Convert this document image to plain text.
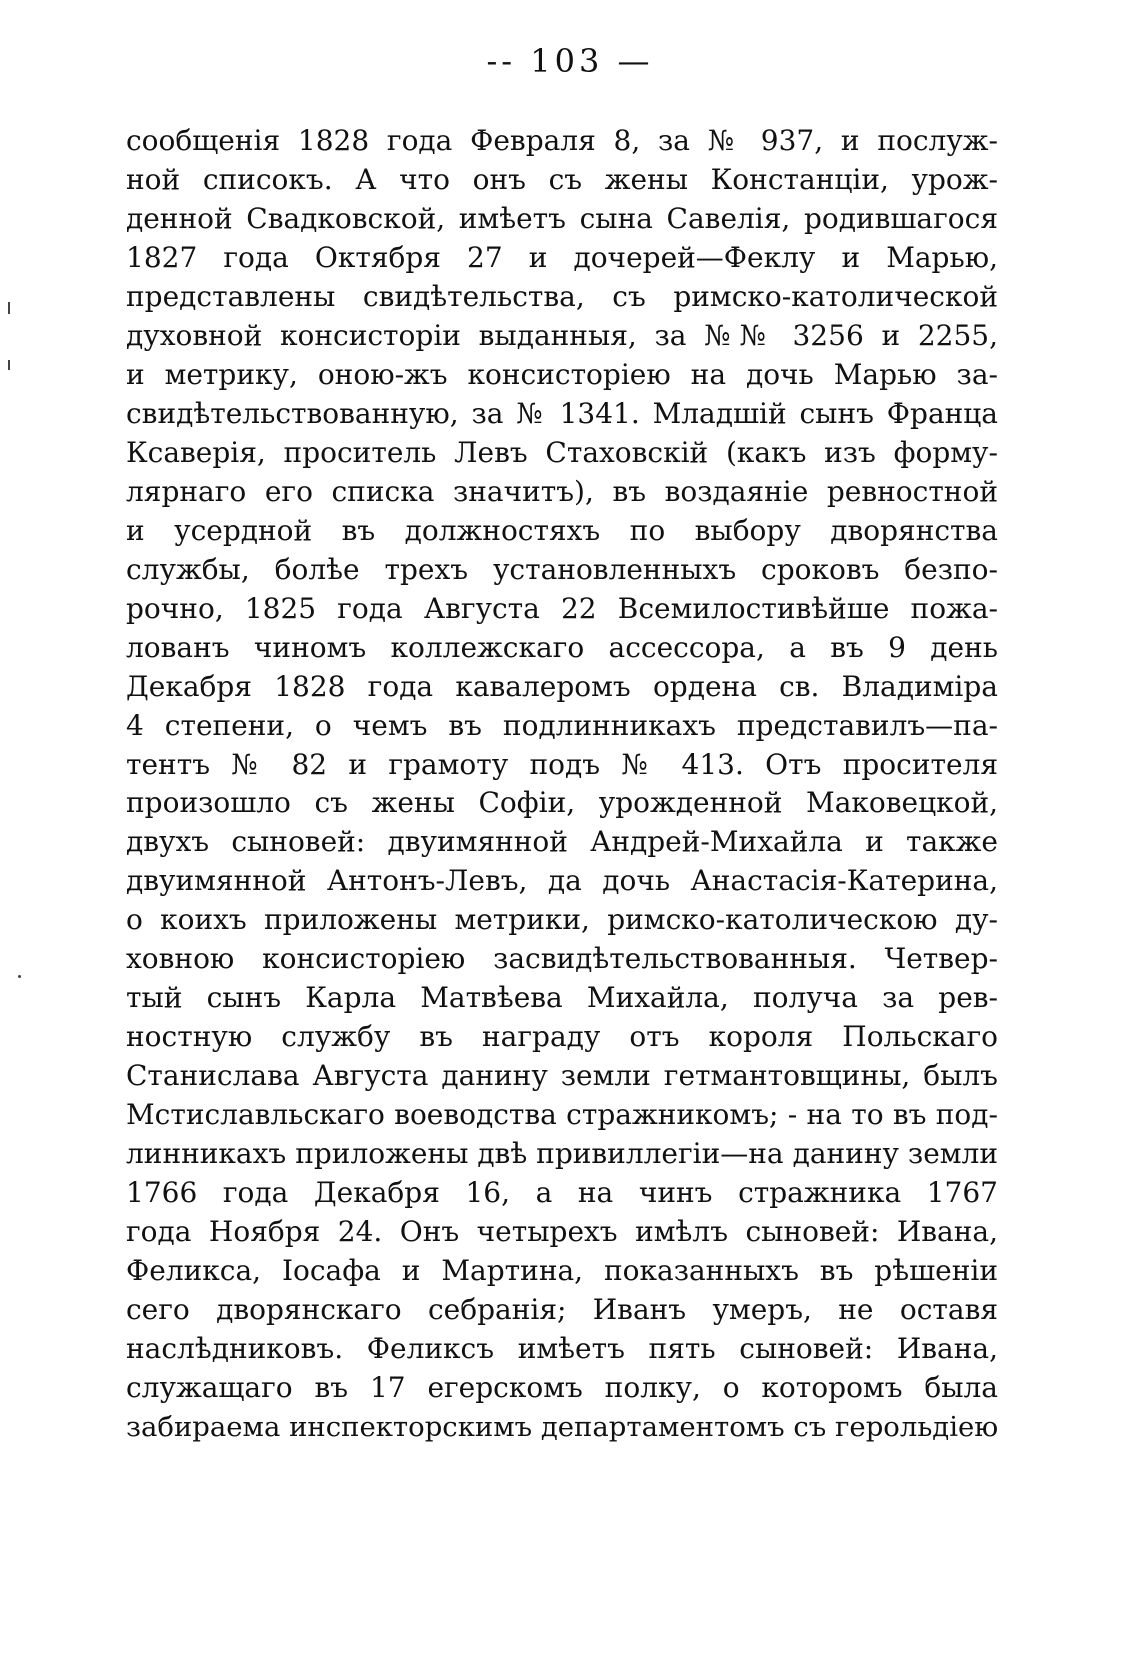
-- 103 —
сообщенія 1828 года Февраля 8, за № 937, и послуж-
ной списокъ. А что онъ съ жены Констанціи, урож-
денной Свадковской, имѣетъ сына Савелія, родившагося
1827 года Октября 27 и дочерей—Феклу и Марью,
представлены свидѣтельства, съ римско-католической
духовной консисторіи выданныя, за №№ 3256 и 2255,
и метрику, оною-жъ консисторіею на дочь Марью за-
свидѣтельствованную, за № 1341. Младшій сынъ Франца
Ксаверія, проситель Левъ Стаховскій (какъ изъ форму-
лярнаго его списка значитъ), въ воздаяніе ревностной
и усердной въ должностяхъ по выбору дворянства
службы, болѣе трехъ установленныхъ сроковъ безпо-
рочно, 1825 года Августа 22 Всемилостивѣйше пожа-
лованъ чиномъ коллежскаго ассессора, а въ 9 день
Декабря 1828 года кавалеромъ ордена св. Владиміра
4 степени, о чемъ въ подлинникахъ представилъ—па-
тентъ № 82 и грамоту подъ № 413. Отъ просителя
произошло съ жены Софіи, урожденной Маковецкой,
двухъ сыновей: двуимянной Андрей-Михайла и также
двуимянной Антонъ-Левъ, да дочь Анастасія-Катерина,
о коихъ приложены метрики, римско-католическою ду-
ховною консисторіею засвидѣтельствованныя. Четвер-
тый сынъ Карла Матвѣева Михайла, получа за рев-
ностную службу въ награду отъ короля Польскаго
Станислава Августа данину земли гетмантовщины, былъ
Мстиславльскаго воеводства стражникомъ; - на то въ под-
линникахъ приложены двѣ привиллегіи—на данину земли
1766 года Декабря 16, а на чинъ стражника 1767
года Ноября 24. Онъ четырехъ имѣлъ сыновей: Ивана,
Феликса, Іосафа и Мартина, показанныхъ въ рѣшеніи
сего дворянскаго себранія; Иванъ умеръ, не оставя
наслѣдниковъ. Феликсъ имѣетъ пять сыновей: Ивана,
служащаго въ 17 егерскомъ полку, о которомъ была
забираема инспекторскимъ департаментомъ съ герольдіею
